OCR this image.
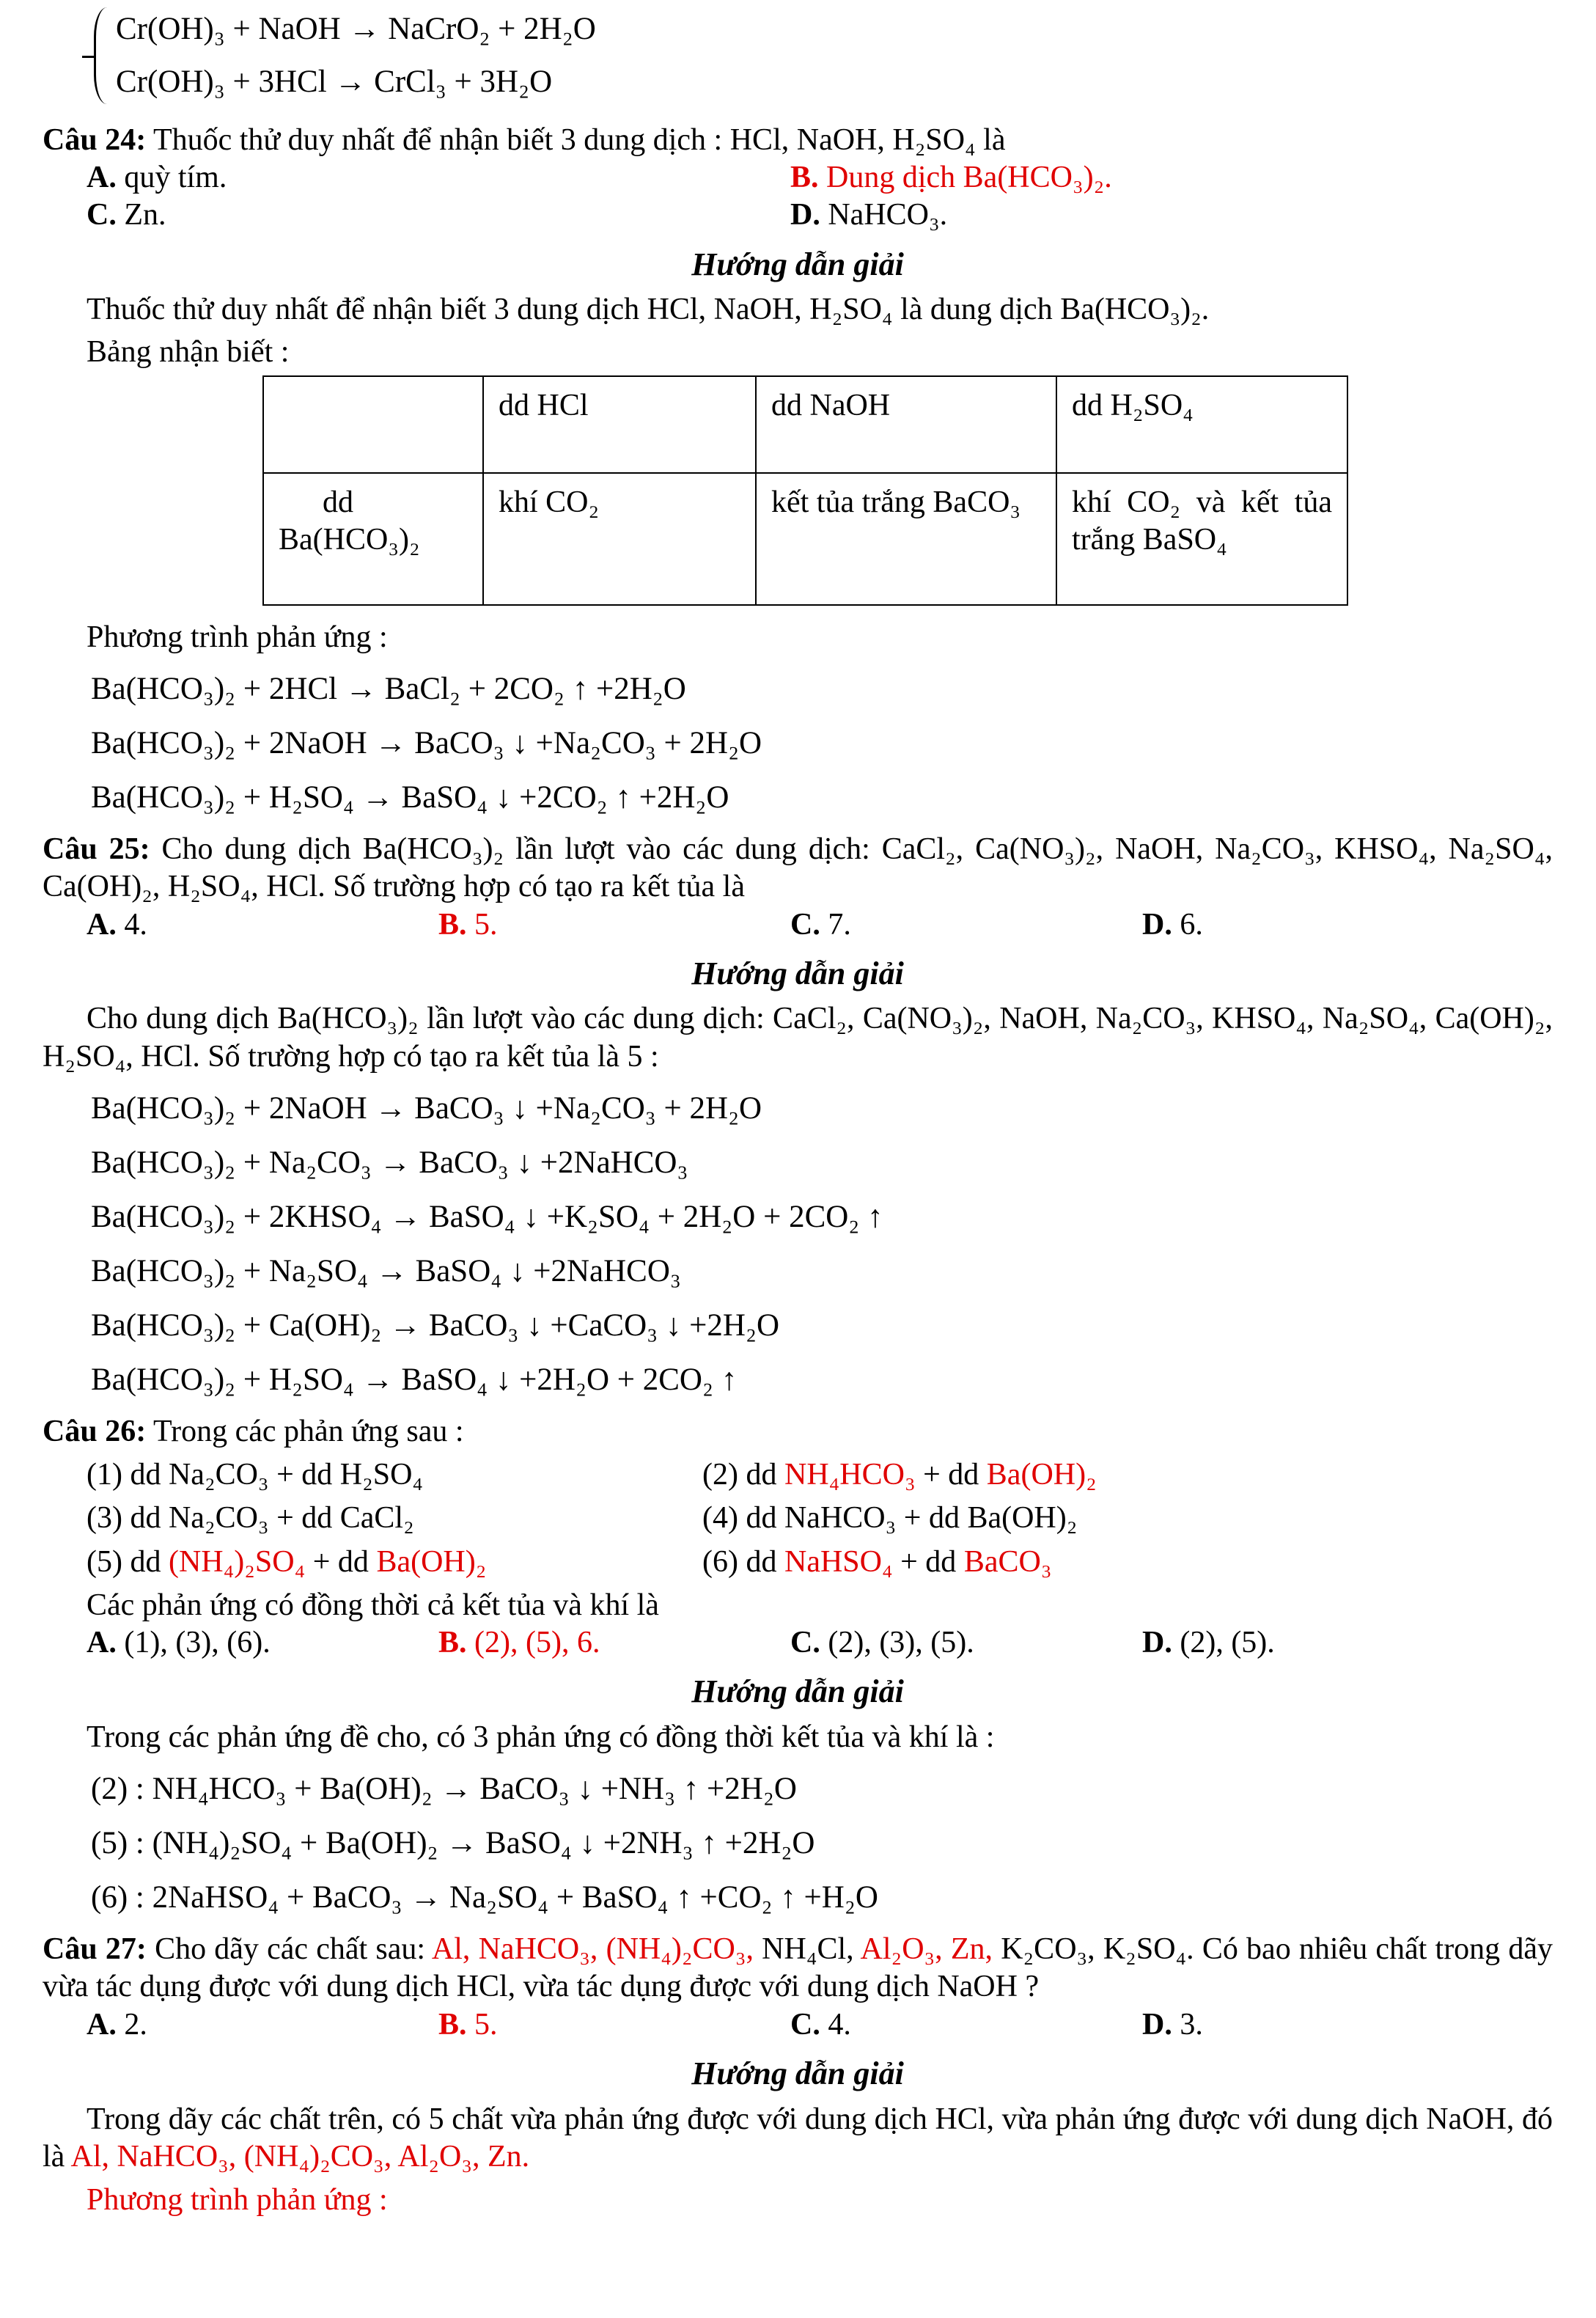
Cr(OH)₃ + NaOH → NaCrO₂ + 2H₂O
Cr(OH)₃ + 3HCl → CrCl₃ + 3H₂O
Câu 24: Thuốc thử duy nhất để nhận biết 3 dung dịch : HCl, NaOH, H₂SO₄ là
A. quỳ tím.	B. Dung dịch Ba(HCO₃)₂.
C. Zn.	D. NaHCO₃.
Hướng dẫn giải
Thuốc thử duy nhất để nhận biết 3 dung dịch HCl, NaOH, H₂SO₄ là dung dịch Ba(HCO₃)₂.
Bảng nhận biết :
	dd HCl	dd NaOH	dd H₂SO₄

dd
Ba(HCO₃)₂	khí CO₂	kết tủa trắng BaCO₃	khí CO₂ và kết tủa trắng BaSO₄
Phương trình phản ứng :
Ba(HCO₃)₂ + 2HCl → BaCl₂ + 2CO₂ ↑ +2H₂O
Ba(HCO₃)₂ + 2NaOH → BaCO₃ ↓ +Na₂CO₃ + 2H₂O
Ba(HCO₃)₂ + H₂SO₄ → BaSO₄ ↓ +2CO₂ ↑ +2H₂O
Câu 25: Cho dung dịch Ba(HCO₃)₂ lần lượt vào các dung dịch: CaCl₂, Ca(NO₃)₂, NaOH, Na₂CO₃, KHSO₄, Na₂SO₄, Ca(OH)₂, H₂SO₄, HCl. Số trường hợp có tạo ra kết tủa là
A. 4.	B. 5.	C. 7.	D. 6.
Hướng dẫn giải
Cho dung dịch Ba(HCO₃)₂ lần lượt vào các dung dịch: CaCl₂, Ca(NO₃)₂, NaOH, Na₂CO₃, KHSO₄, Na₂SO₄, Ca(OH)₂, H₂SO₄, HCl. Số trường hợp có tạo ra kết tủa là 5 :
Ba(HCO₃)₂ + 2NaOH → BaCO₃ ↓ +Na₂CO₃ + 2H₂O
Ba(HCO₃)₂ + Na₂CO₃ → BaCO₃ ↓ +2NaHCO₃
Ba(HCO₃)₂ + 2KHSO₄ → BaSO₄ ↓ +K₂SO₄ + 2H₂O + 2CO₂ ↑
Ba(HCO₃)₂ + Na₂SO₄ → BaSO₄ ↓ +2NaHCO₃
Ba(HCO₃)₂ + Ca(OH)₂ → BaCO₃ ↓ +CaCO₃ ↓ +2H₂O
Ba(HCO₃)₂ + H₂SO₄ → BaSO₄ ↓ +2H₂O + 2CO₂ ↑
Câu 26: Trong các phản ứng sau :
(1) dd Na₂CO₃ + dd H₂SO₄	(2) dd NH₄HCO₃ + dd Ba(OH)₂
(3) dd Na₂CO₃ + dd CaCl₂	(4) dd NaHCO₃ + dd Ba(OH)₂
(5) dd (NH₄)₂SO₄ + dd Ba(OH)₂	(6) dd NaHSO₄ + dd BaCO₃
Các phản ứng có đồng thời cả kết tủa và khí là
A. (1), (3), (6).	B. (2), (5), 6.	C. (2), (3), (5).	D. (2), (5).
Hướng dẫn giải
Trong các phản ứng đề cho, có 3 phản ứng có đồng thời kết tủa và khí là :
(2) : NH₄HCO₃ + Ba(OH)₂ → BaCO₃ ↓ +NH₃ ↑ +2H₂O
(5) : (NH₄)₂SO₄ + Ba(OH)₂ → BaSO₄ ↓ +2NH₃ ↑ +2H₂O
(6) : 2NaHSO₄ + BaCO₃ → Na₂SO₄ + BaSO₄ ↑ +CO₂ ↑ +H₂O
Câu 27: Cho dãy các chất sau: Al, NaHCO₃, (NH₄)₂CO₃, NH₄Cl, Al₂O₃, Zn, K₂CO₃, K₂SO₄. Có bao nhiêu chất trong dãy vừa tác dụng được với dung dịch HCl, vừa tác dụng được với dung dịch NaOH ?
A. 2.	B. 5.	C. 4.	D. 3.
Hướng dẫn giải
Trong dãy các chất trên, có 5 chất vừa phản ứng được với dung dịch HCl, vừa phản ứng được với dung dịch NaOH, đó là Al, NaHCO₃, (NH₄)₂CO₃, Al₂O₃, Zn.
Phương trình phản ứng :
